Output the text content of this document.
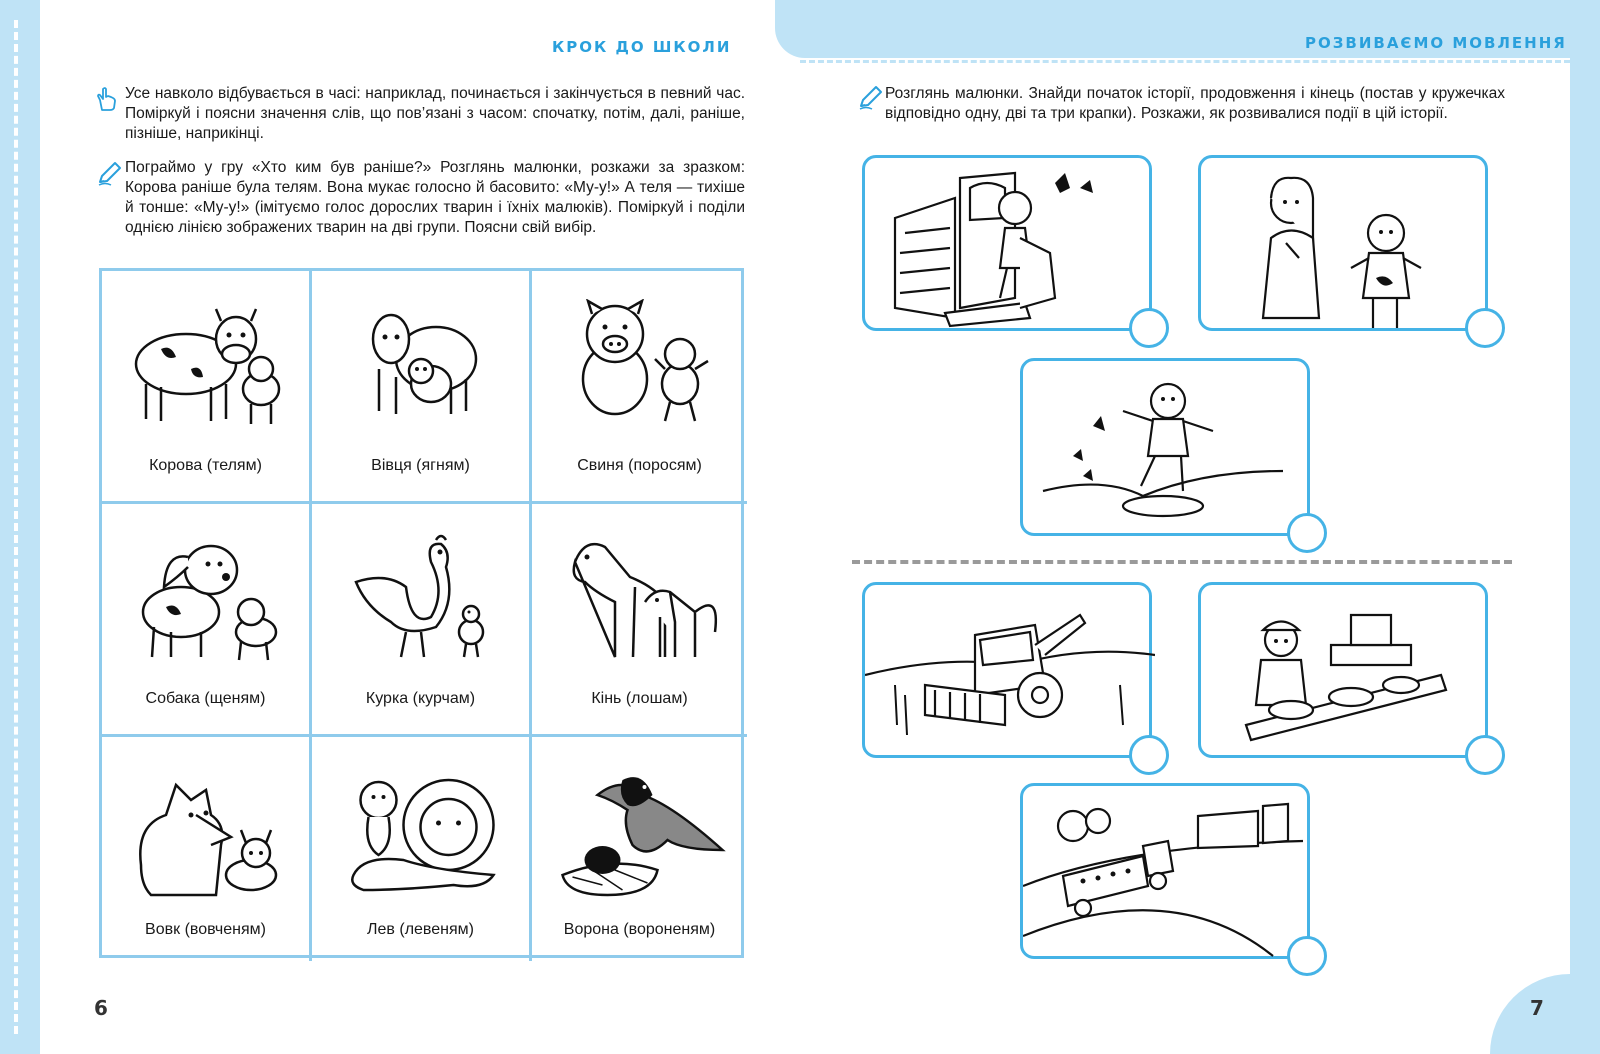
КРОК ДО ШКОЛИ	РОЗВИВАЄМО МОВЛЕННЯ
Усе навколо відбувається в часі: наприклад, починається і закінчується в певний час. Поміркуй і поясни значення слів, що пов’язані з часом: спочатку, потім, далі, раніше, пізніше, наприкінці.
Пограймо у гру «Хто ким був раніше?» Розглянь малюнки, розкажи за зразком: Корова раніше була телям. Вона мукає голосно й басовито: «Му-у!» А теля — тихіше й тонше: «Му-у!» (імітуємо голос дорослих тварин і їхніх малюків). Поміркуй і поділи однією лінією зображених тварин на дві групи. Поясни свій вибір.
Корова (телям)	Вівця (ягням)	Свиня (поросям)
Собака (щеням)	Курка (курчам)	Кінь (лошам)
Вовк (вовченям)	Лев (левеням)	Ворона (вороненям)
6
Розглянь малюнки. Знайди початок історії, продовження і кінець (постав у кружечках відповідно одну, дві та три крапки). Розкажи, як розвивалися події в цій історії.
7
